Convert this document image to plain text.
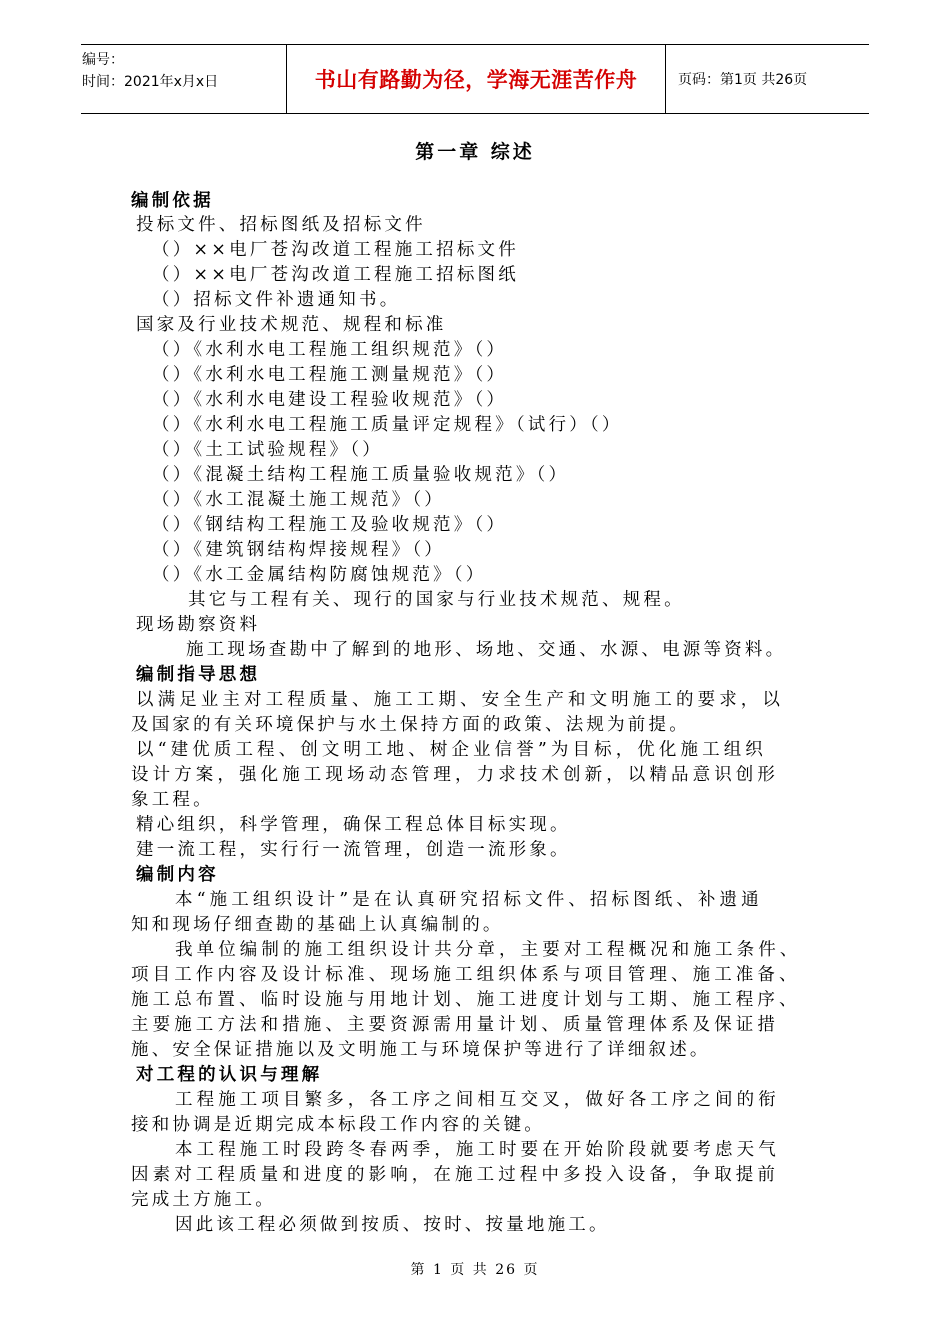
编号：
时间：2021年x月x日	书山有路勤为径，学海无涯苦作舟	页码：第1页 共26页
第一章 综述
编制依据
投标文件、招标图纸及招标文件
（）××电厂苍沟改道工程施工招标文件
（）××电厂苍沟改道工程施工招标图纸
（）招标文件补遗通知书。
国家及行业技术规范、规程和标准
（）《水利水电工程施工组织规范》（）
（）《水利水电工程施工测量规范》（）
（）《水利水电建设工程验收规范》（）
（）《水利水电工程施工质量评定规程》（试行）（）
（）《土工试验规程》（）
（）《混凝土结构工程施工质量验收规范》（）
（）《水工混凝土施工规范》（）
（）《钢结构工程施工及验收规范》（）
（）《建筑钢结构焊接规程》（）
（）《水工金属结构防腐蚀规范》（）
其它与工程有关、现行的国家与行业技术规范、规程。
现场勘察资料
施工现场查勘中了解到的地形、场地、交通、水源、电源等资料。
编制指导思想
以满足业主对工程质量、施工工期、安全生产和文明施工的要求，以
及国家的有关环境保护与水土保持方面的政策、法规为前提。
以“建优质工程、创文明工地、树企业信誉”为目标，优化施工组织
设计方案，强化施工现场动态管理，力求技术创新，以精品意识创形
象工程。
精心组织，科学管理，确保工程总体目标实现。
建一流工程，实行行一流管理，创造一流形象。
编制内容
本“施工组织设计”是在认真研究招标文件、招标图纸、补遗通
知和现场仔细查勘的基础上认真编制的。
我单位编制的施工组织设计共分章，主要对工程概况和施工条件、
项目工作内容及设计标准、现场施工组织体系与项目管理、施工准备、
施工总布置、临时设施与用地计划、施工进度计划与工期、施工程序、
主要施工方法和措施、主要资源需用量计划、质量管理体系及保证措
施、安全保证措施以及文明施工与环境保护等进行了详细叙述。
对工程的认识与理解
工程施工项目繁多，各工序之间相互交叉，做好各工序之间的衔
接和协调是近期完成本标段工作内容的关键。
本工程施工时段跨冬春两季，施工时要在开始阶段就要考虑天气
因素对工程质量和进度的影响，在施工过程中多投入设备，争取提前
完成土方施工。
因此该工程必须做到按质、按时、按量地施工。
第 1 页 共 26 页
